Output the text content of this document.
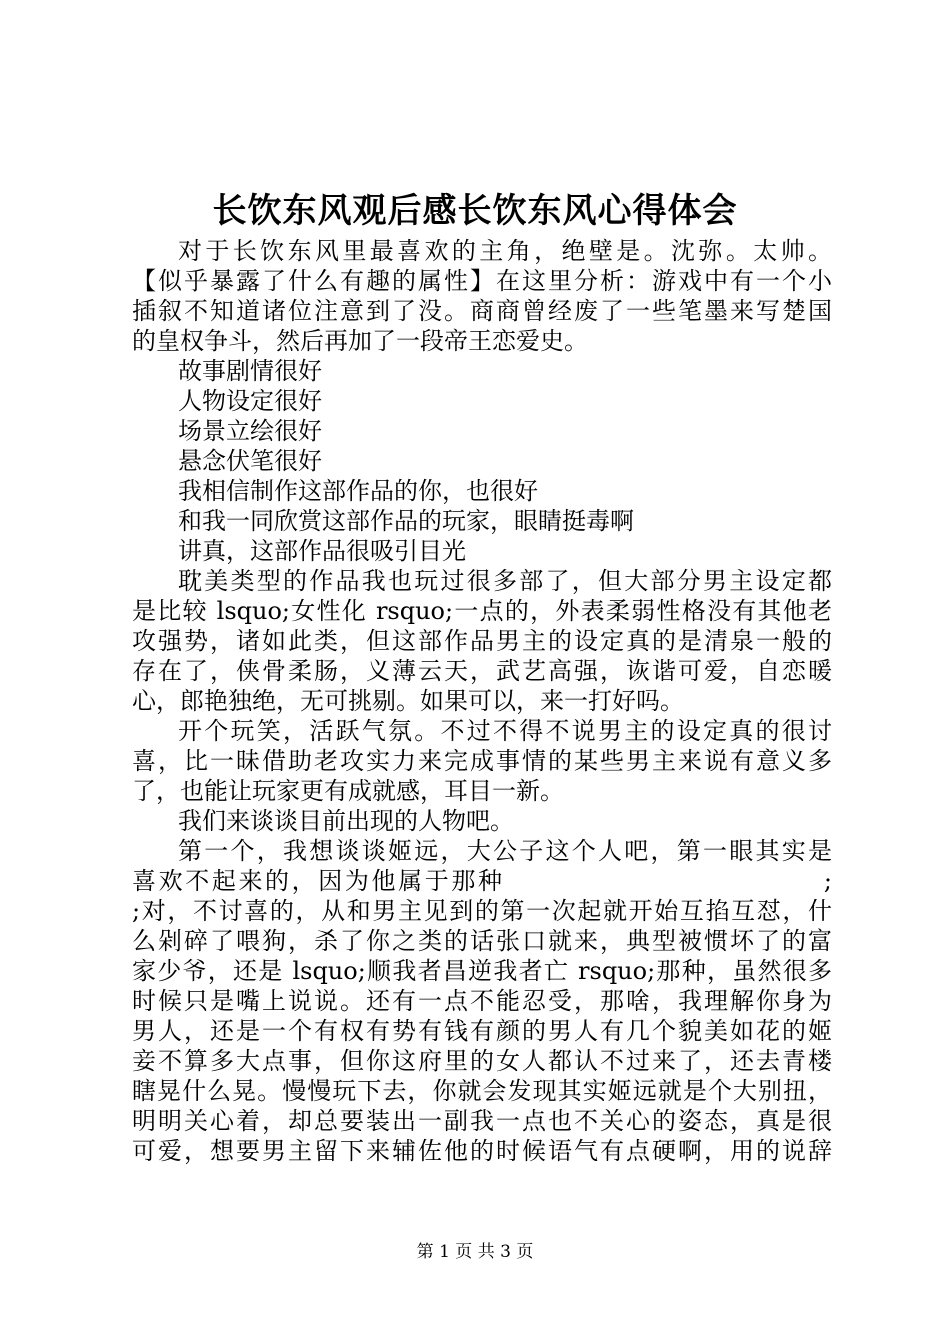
长饮东风观后感长饮东风心得体会
对于长饮东风里最喜欢的主角，绝壁是。沈弥。太帅。
【似乎暴露了什么有趣的属性】在这里分析：游戏中有一个小
插叙不知道诸位注意到了没。商商曾经废了一些笔墨来写楚国
的皇权争斗，然后再加了一段帝王恋爱史。
故事剧情很好
人物设定很好
场景立绘很好
悬念伏笔很好
我相信制作这部作品的你，也很好
和我一同欣赏这部作品的玩家，眼睛挺毒啊
讲真，这部作品很吸引目光
耽美类型的作品我也玩过很多部了，但大部分男主设定都
是比较 lsquo;女性化 rsquo;一点的，外表柔弱性格没有其他老
攻强势，诸如此类，但这部作品男主的设定真的是清泉一般的
存在了，侠骨柔肠，义薄云天，武艺高强，诙谐可爱，自恋暖
心，郎艳独绝，无可挑剔。如果可以，来一打好吗。
开个玩笑，活跃气氛。不过不得不说男主的设定真的很讨
喜，比一昧借助老攻实力来完成事情的某些男主来说有意义多
了，也能让玩家更有成就感，耳目一新。
我们来谈谈目前出现的人物吧。
第一个，我想谈谈姬远，大公子这个人吧，第一眼其实是
喜欢不起来的，因为他属于那种　　　　　　　　　　　　;
;对，不讨喜的，从和男主见到的第一次起就开始互掐互怼，什
么剁碎了喂狗，杀了你之类的话张口就来，典型被惯坏了的富
家少爷，还是 lsquo;顺我者昌逆我者亡 rsquo;那种，虽然很多
时候只是嘴上说说。还有一点不能忍受，那啥，我理解你身为
男人，还是一个有权有势有钱有颜的男人有几个貌美如花的姬
妾不算多大点事，但你这府里的女人都认不过来了，还去青楼
瞎晃什么晃。慢慢玩下去，你就会发现其实姬远就是个大别扭，
明明关心着，却总要装出一副我一点也不关心的姿态，真是很
可爱，想要男主留下来辅佐他的时候语气有点硬啊，用的说辞
第 1 页 共 3 页
